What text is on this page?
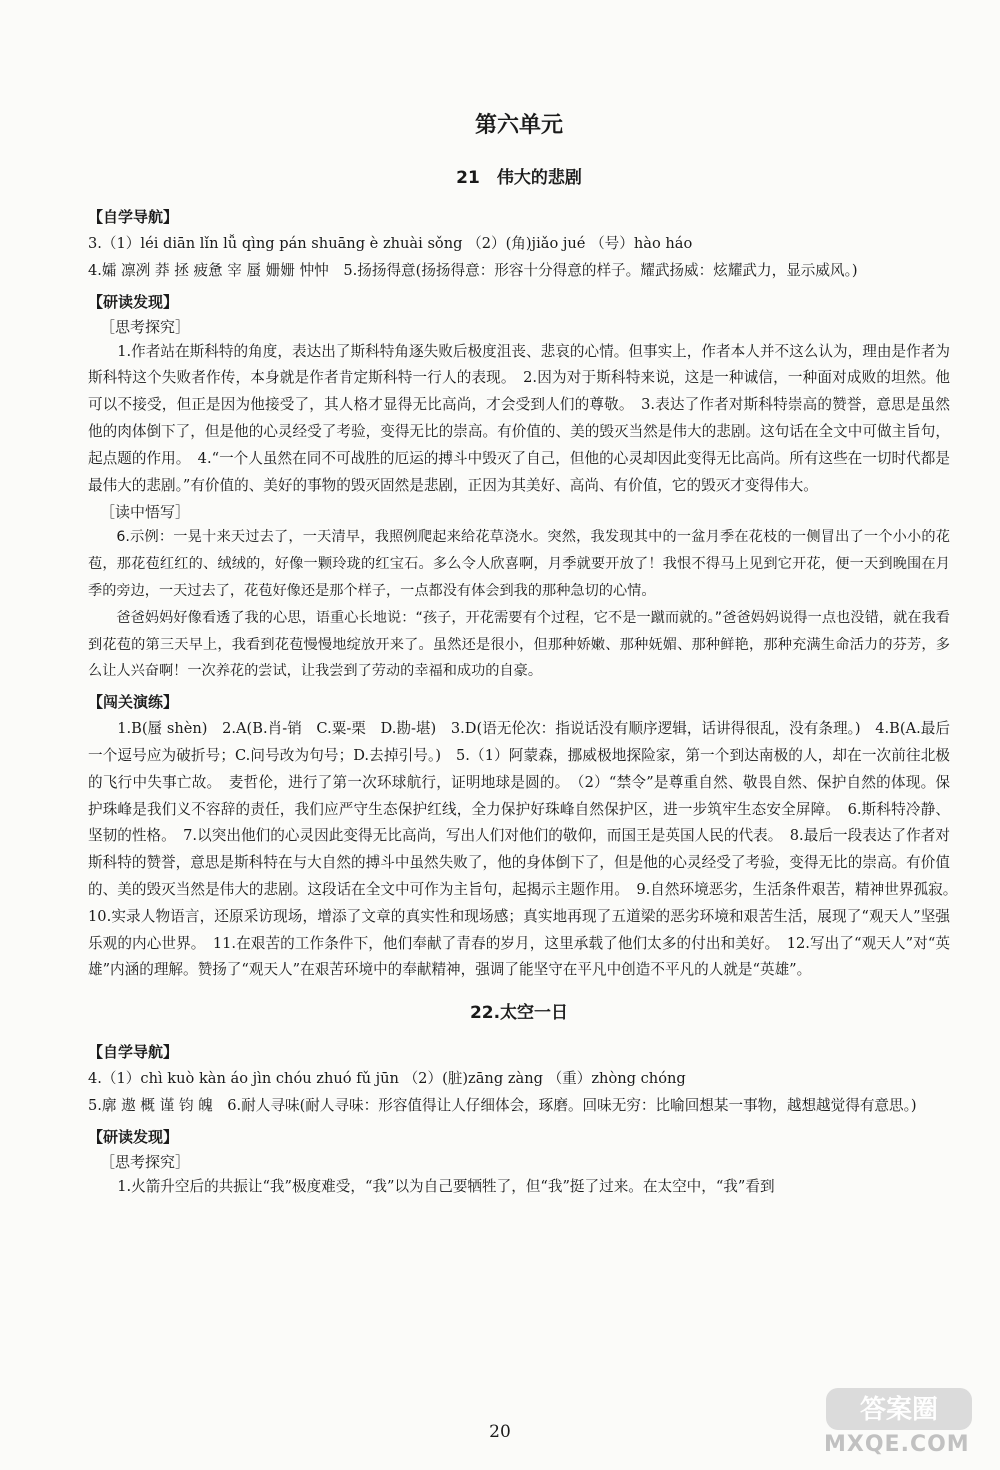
第六单元
21　伟大的悲剧
【自学导航】

3.（1）léi diān lǐn lǚ qìng pán shuāng è zhuài sǒng （2）(角)jiǎo jué （号）hào háo

4.孀 凛冽 莽 拯 疲惫 宰 蜃 姗姗 忡忡　5.扬扬得意(扬扬得意：形容十分得意的样子。耀武扬威：炫耀武力，显示威风。)

【研读发现】
［思考探究］

1.作者站在斯科特的角度，表达出了斯科特角逐失败后极度沮丧、悲哀的心情。但事实上，作者本人并不这么认为，理由是作者为斯科特这个失败者作传，本身就是作者肯定斯科特一行人的表现。　2.因为对于斯科特来说，这是一种诚信，一种面对成败的坦然。他可以不接受，但正是因为他接受了，其人格才显得无比高尚，才会受到人们的尊敬。　3.表达了作者对斯科特崇高的赞誉，意思是虽然他的肉体倒下了，但是他的心灵经受了考验，变得无比的崇高。有价值的、美的毁灭当然是伟大的悲剧。这句话在全文中可做主旨句，起点题的作用。　4.“一个人虽然在同不可战胜的厄运的搏斗中毁灭了自己，但他的心灵却因此变得无比高尚。所有这些在一切时代都是最伟大的悲剧。”有价值的、美好的事物的毁灭固然是悲剧，正因为其美好、高尚、有价值，它的毁灭才变得伟大。

［读中悟写］

6.示例：一晃十来天过去了，一天清早，我照例爬起来给花草浇水。突然，我发现其中的一盆月季在花枝的一侧冒出了一个小小的花苞，那花苞红红的、绒绒的，好像一颗玲珑的红宝石。多么令人欣喜啊，月季就要开放了！我恨不得马上见到它开花，便一天到晚围在月季的旁边，一天过去了，花苞好像还是那个样子，一点都没有体会到我的那种急切的心情。

爸爸妈妈好像看透了我的心思，语重心长地说：“孩子，开花需要有个过程，它不是一蹴而就的。”爸爸妈妈说得一点也没错，就在我看到花苞的第三天早上，我看到花苞慢慢地绽放开来了。虽然还是很小，但那种娇嫩、那种妩媚、那种鲜艳，那种充满生命活力的芬芳，多么让人兴奋啊！一次养花的尝试，让我尝到了劳动的幸福和成功的自豪。

【闯关演练】

1.B(蜃 shèn)　2.A(B.肖-销　C.粟-栗　D.勘-堪)　3.D(语无伦次：指说话没有顺序逻辑，话讲得很乱，没有条理。)　4.B(A.最后一个逗号应为破折号；C.问号改为句号；D.去掉引号。)　5.（1）阿蒙森，挪威极地探险家，第一个到达南极的人，却在一次前往北极的飞行中失事亡故。　麦哲伦，进行了第一次环球航行，证明地球是圆的。　（2）“禁令”是尊重自然、敬畏自然、保护自然的体现。保护珠峰是我们义不容辞的责任，我们应严守生态保护红线，全力保护好珠峰自然保护区，进一步筑牢生态安全屏障。　6.斯科特冷静、坚韧的性格。　7.以突出他们的心灵因此变得无比高尚，写出人们对他们的敬仰，而国王是英国人民的代表。　8.最后一段表达了作者对斯科特的赞誉，意思是斯科特在与大自然的搏斗中虽然失败了，他的身体倒下了，但是他的心灵经受了考验，变得无比的崇高。有价值的、美的毁灭当然是伟大的悲剧。这段话在全文中可作为主旨句，起揭示主题作用。　9.自然环境恶劣，生活条件艰苦，精神世界孤寂。　10.实录人物语言，还原采访现场，增添了文章的真实性和现场感；真实地再现了五道梁的恶劣环境和艰苦生活，展现了“观天人”坚强乐观的内心世界。　11.在艰苦的工作条件下，他们奉献了青春的岁月，这里承载了他们太多的付出和美好。　12.写出了“观天人”对“英雄”内涵的理解。赞扬了“观天人”在艰苦环境中的奉献精神，强调了能坚守在平凡中创造不平凡的人就是“英雄”。

22.太空一日
【自学导航】

4.（1）chì kuò kàn áo jìn chóu zhuó fǔ jūn （2）(脏)zāng zàng （重）zhòng chóng

5.廓 遨 概 谨 钧 魄　6.耐人寻味(耐人寻味：形容值得让人仔细体会，琢磨。回味无穷：比喻回想某一事物，越想越觉得有意思。)

【研读发现】
［思考探究］

1.火箭升空后的共振让“我”极度难受，“我”以为自己要牺牲了，但“我”挺了过来。在太空中，“我”看到

20
答案圈
MXQE.COM
